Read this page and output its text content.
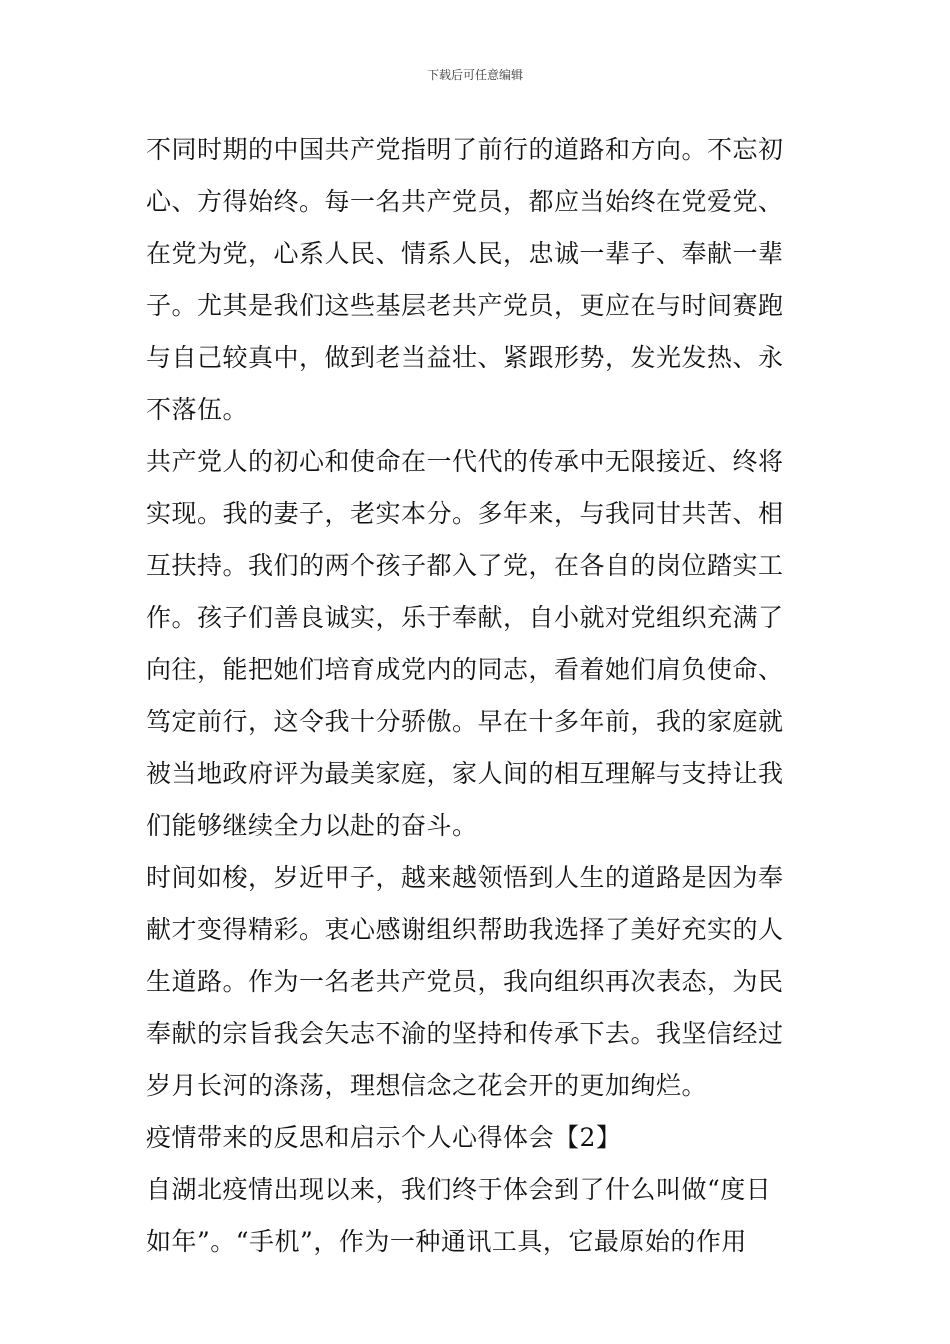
下载后可任意编辑
不同时期的中国共产党指明了前行的道路和方向。不忘初
心、方得始终。每一名共产党员，都应当始终在党爱党、
在党为党，心系人民、情系人民，忠诚一辈子、奉献一辈
子。尤其是我们这些基层老共产党员，更应在与时间赛跑
与自己较真中，做到老当益壮、紧跟形势，发光发热、永
不落伍。
共产党人的初心和使命在一代代的传承中无限接近、终将
实现。我的妻子，老实本分。多年来，与我同甘共苦、相
互扶持。我们的两个孩子都入了党，在各自的岗位踏实工
作。孩子们善良诚实，乐于奉献，自小就对党组织充满了
向往，能把她们培育成党内的同志，看着她们肩负使命、
笃定前行，这令我十分骄傲。早在十多年前，我的家庭就
被当地政府评为最美家庭，家人间的相互理解与支持让我
们能够继续全力以赴的奋斗。
时间如梭，岁近甲子，越来越领悟到人生的道路是因为奉
献才变得精彩。衷心感谢组织帮助我选择了美好充实的人
生道路。作为一名老共产党员，我向组织再次表态，为民
奉献的宗旨我会矢志不渝的坚持和传承下去。我坚信经过
岁月长河的涤荡，理想信念之花会开的更加绚烂。
疫情带来的反思和启示个人心得体会【2】
自湖北疫情出现以来，我们终于体会到了什么叫做“度日
如年”。“手机”，作为一种通讯工具，它最原始的作用
